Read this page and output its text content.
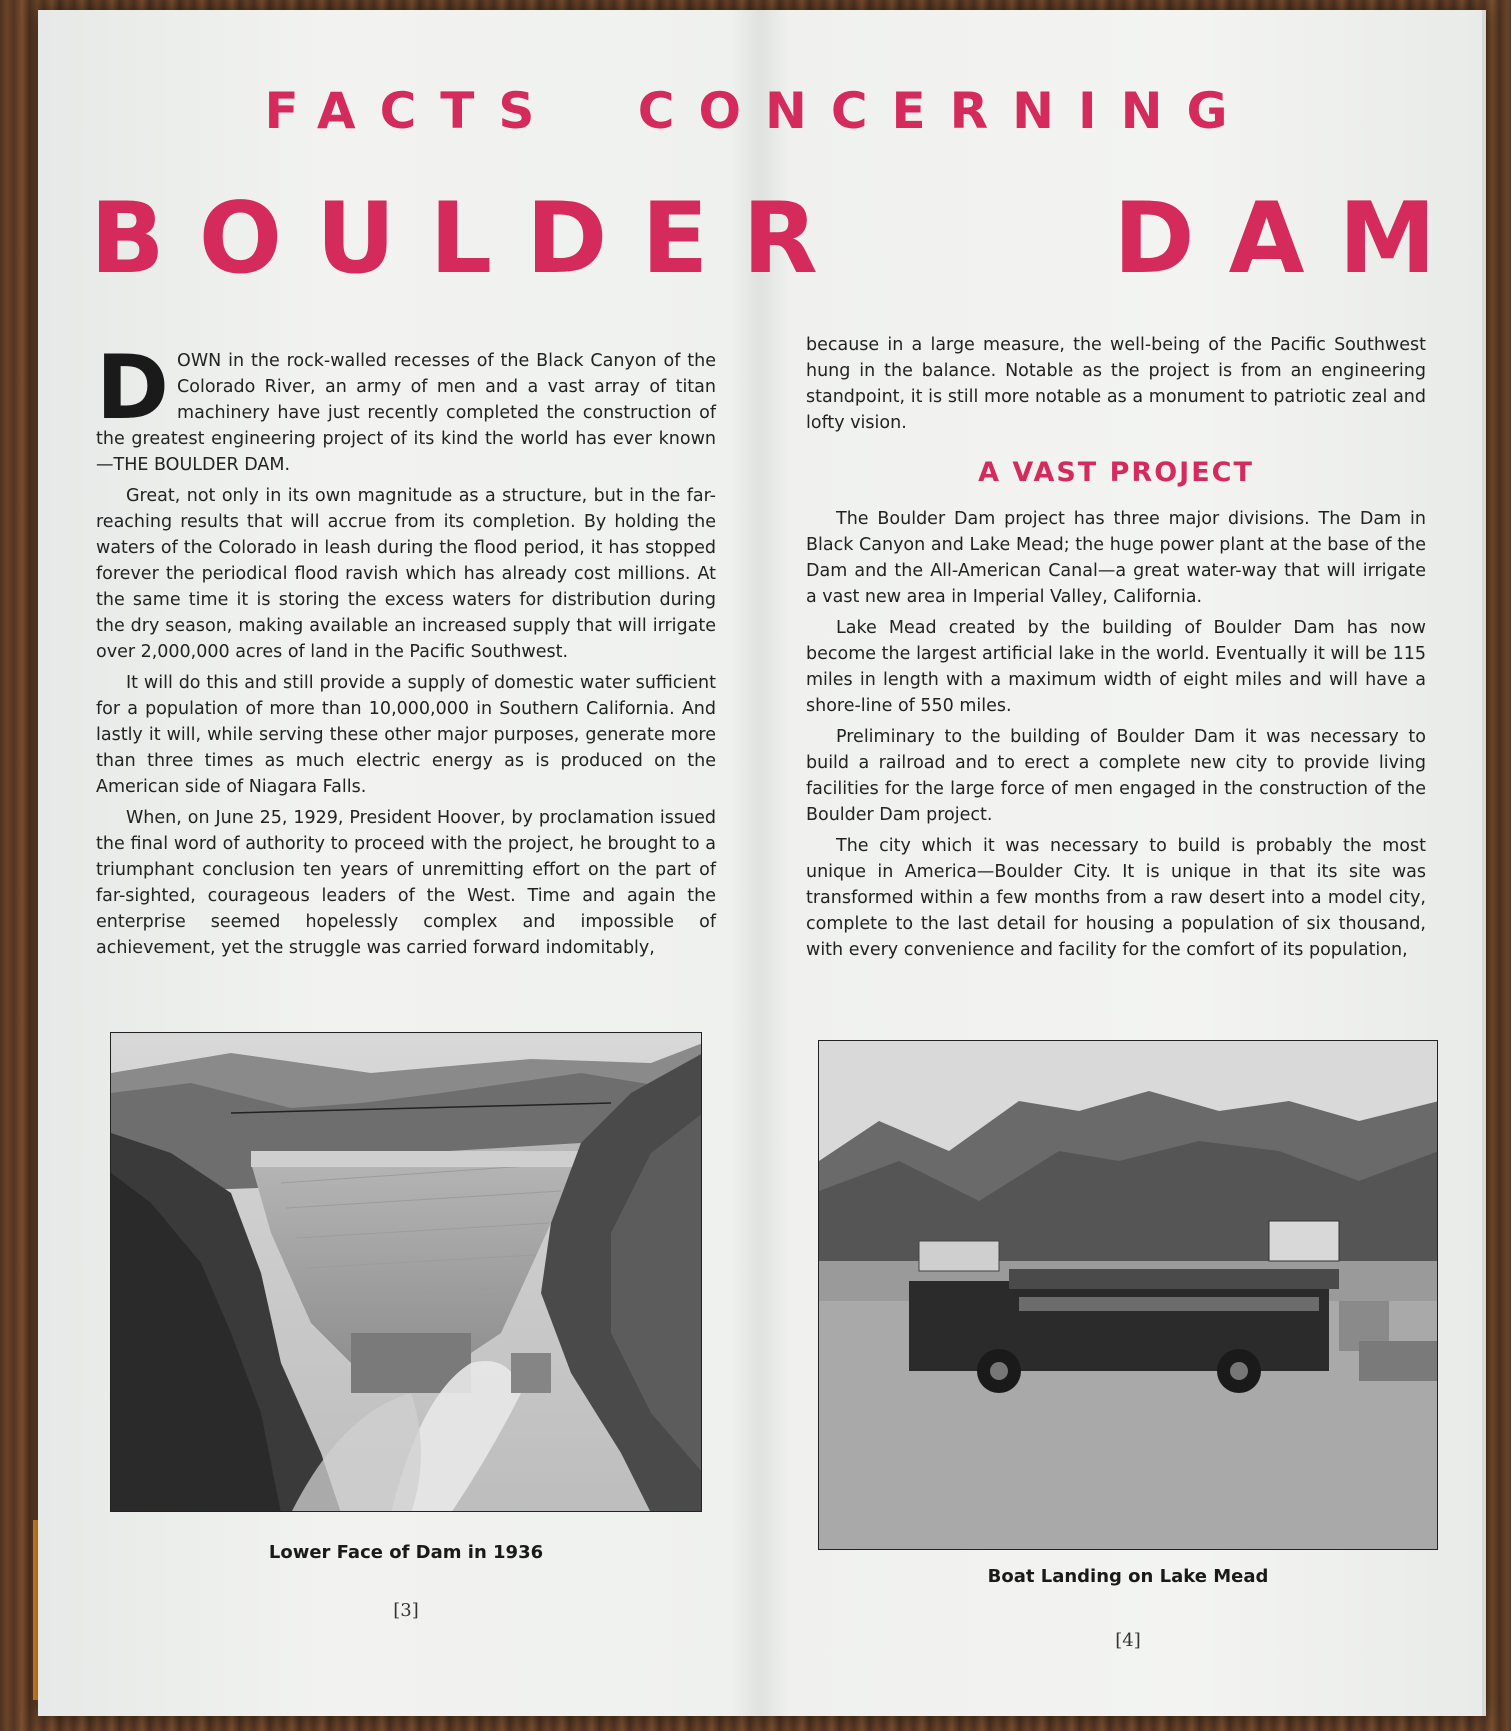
FACTS CONCERNING
BOULDER	DAM

DOWN in the rock-walled recesses of the Black Canyon of the Colorado River, an army of men and a vast array of titan machinery have just recently completed the construction of the greatest engineering project of its kind the world has ever known—THE BOULDER DAM.

Great, not only in its own magnitude as a structure, but in the far-reaching results that will accrue from its completion. By holding the waters of the Colorado in leash during the flood period, it has stopped forever the periodical flood ravish which has already cost millions. At the same time it is storing the excess waters for distribution during the dry season, making available an increased supply that will irrigate over 2,000,000 acres of land in the Pacific Southwest.

It will do this and still provide a supply of domestic water sufficient for a population of more than 10,000,000 in Southern California. And lastly it will, while serving these other major purposes, generate more than three times as much electric energy as is produced on the American side of Niagara Falls.

When, on June 25, 1929, President Hoover, by proclamation issued the final word of authority to proceed with the project, he brought to a triumphant conclusion ten years of unremitting effort on the part of far-sighted, courageous leaders of the West. Time and again the enterprise seemed hopelessly complex and impossible of achievement, yet the struggle was carried forward indomitably,

because in a large measure, the well-being of the Pacific Southwest hung in the balance. Notable as the project is from an engineering standpoint, it is still more notable as a monument to patriotic zeal and lofty vision.

A VAST PROJECT

The Boulder Dam project has three major divisions. The Dam in Black Canyon and Lake Mead; the huge power plant at the base of the Dam and the All-American Canal—a great water-way that will irrigate a vast new area in Imperial Valley, California.

Lake Mead created by the building of Boulder Dam has now become the largest artificial lake in the world. Eventually it will be 115 miles in length with a maximum width of eight miles and will have a shore-line of 550 miles.

Preliminary to the building of Boulder Dam it was necessary to build a railroad and to erect a complete new city to provide living facilities for the large force of men engaged in the construction of the Boulder Dam project.

The city which it was necessary to build is probably the most unique in America—Boulder City. It is unique in that its site was transformed within a few months from a raw desert into a model city, complete to the last detail for housing a population of six thousand, with every convenience and facility for the comfort of its population,

Lower Face of Dam in 1936
[3]
Boat Landing on Lake Mead
[4]
